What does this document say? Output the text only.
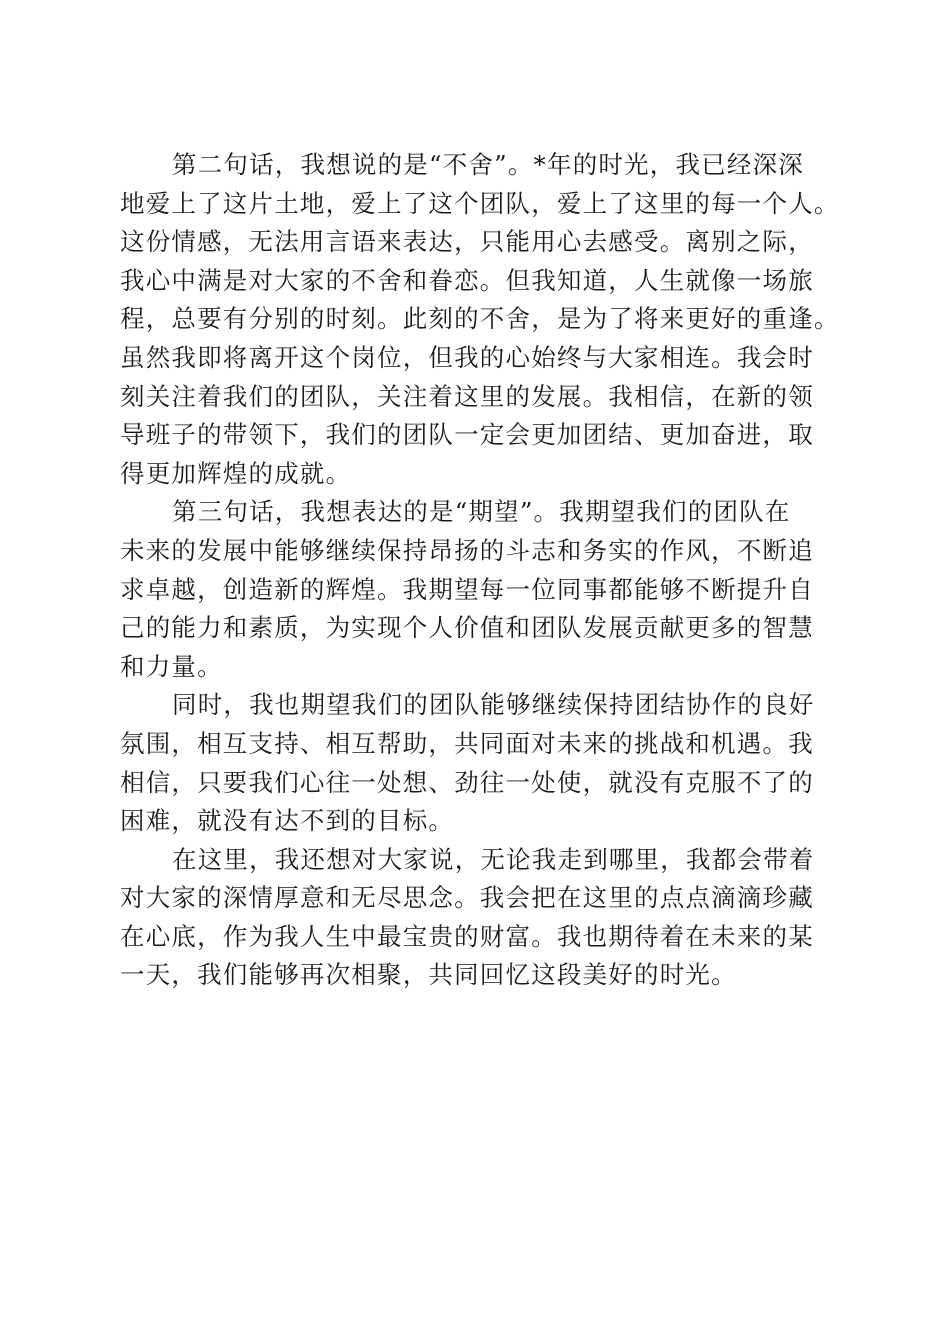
第二句话，我想说的是“不舍”。*年的时光，我已经深深
地爱上了这片土地，爱上了这个团队，爱上了这里的每一个人。
这份情感，无法用言语来表达，只能用心去感受。离别之际，
我心中满是对大家的不舍和眷恋。但我知道，人生就像一场旅
程，总要有分别的时刻。此刻的不舍，是为了将来更好的重逢。
虽然我即将离开这个岗位，但我的心始终与大家相连。我会时
刻关注着我们的团队，关注着这里的发展。我相信，在新的领
导班子的带领下，我们的团队一定会更加团结、更加奋进，取
得更加辉煌的成就。

第三句话，我想表达的是“期望”。我期望我们的团队在
未来的发展中能够继续保持昂扬的斗志和务实的作风，不断追
求卓越，创造新的辉煌。我期望每一位同事都能够不断提升自
己的能力和素质，为实现个人价值和团队发展贡献更多的智慧
和力量。

同时，我也期望我们的团队能够继续保持团结协作的良好
氛围，相互支持、相互帮助，共同面对未来的挑战和机遇。我
相信，只要我们心往一处想、劲往一处使，就没有克服不了的
困难，就没有达不到的目标。

在这里，我还想对大家说，无论我走到哪里，我都会带着
对大家的深情厚意和无尽思念。我会把在这里的点点滴滴珍藏
在心底，作为我人生中最宝贵的财富。我也期待着在未来的某
一天，我们能够再次相聚，共同回忆这段美好的时光。
